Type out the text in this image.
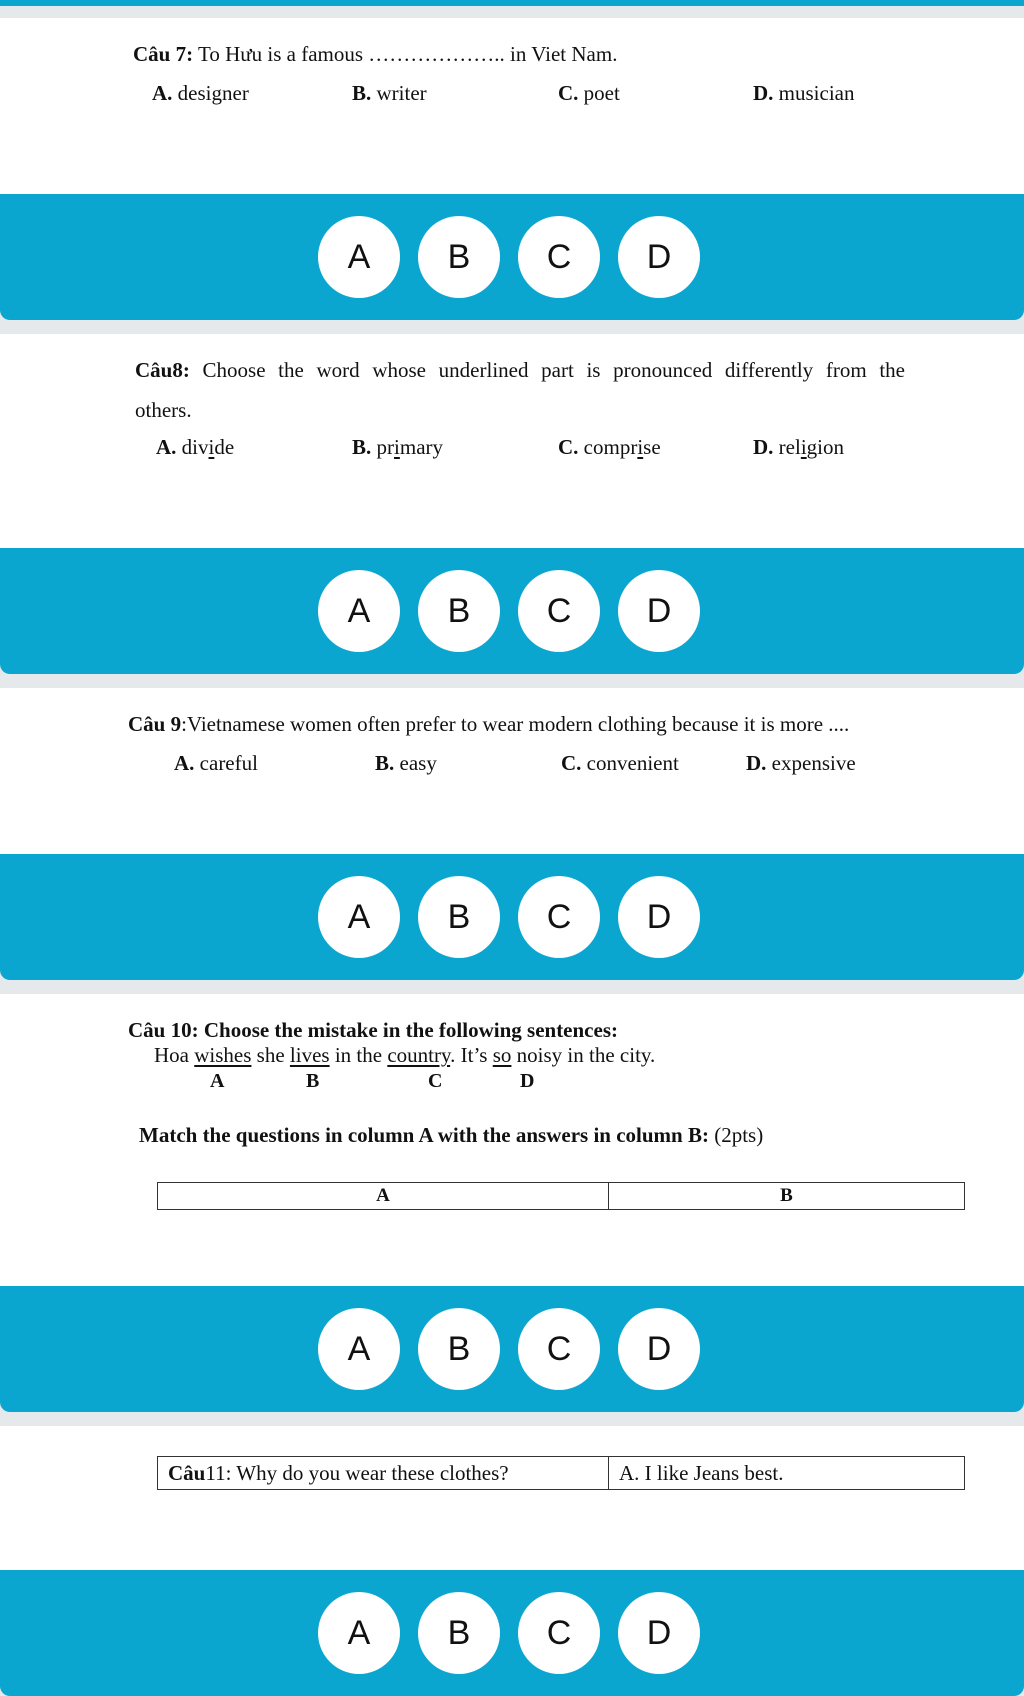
Câu 7: To Hưu is a famous ……………….. in Viet Nam.
A. designer	B. writer	C. poet	D. musician
A	B	C	D
Câu8: Choose the word whose underlined part is pronounced differently from the
others.
A. divide	B. primary	C. comprise	D. religion
A	B	C	D
Câu 9:Vietnamese women often prefer to wear modern clothing because it is more ....
A. careful	B. easy	C. convenient	D. expensive
A	B	C	D
Câu 10: Choose the mistake in the following sentences:
Hoa wishes she lives in the country. It’s so noisy in the city.
A	B	C	D
Match the questions in column A with the answers in column B: (2pts)
A	B
A	B	C	D
Câu11: Why do you wear these clothes?	A. I like Jeans best.
A	B	C	D
